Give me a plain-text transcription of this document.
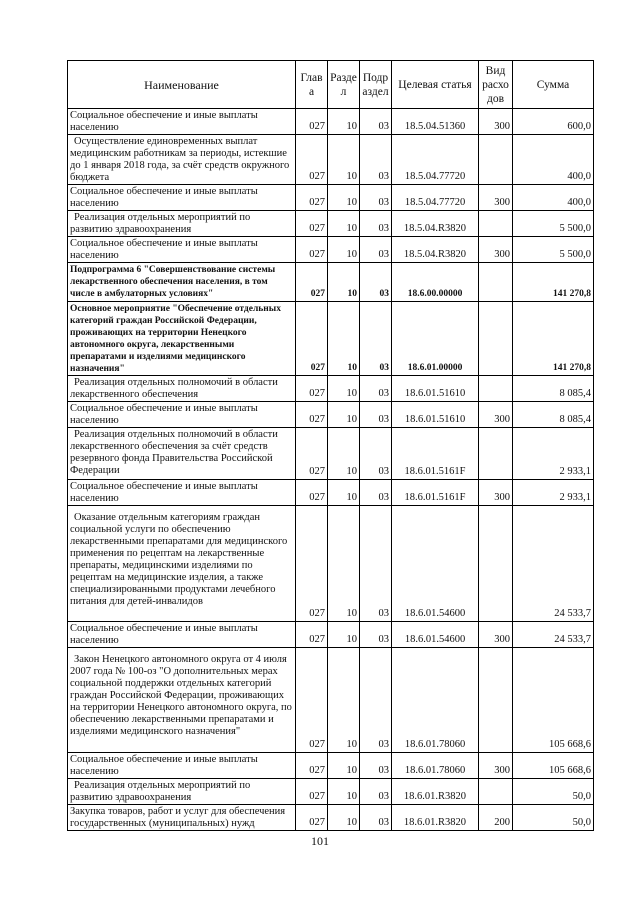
Наименование	Глав а	Разде л	Подр аздел	Целевая статья	Вид расхо дов	Сумма
Социальное обеспечение и иные выплаты населению	027	10	03	18.5.04.51360	300	600,0
Осуществление единовременных выплат медицинским работникам за периоды, истекшие до 1 января 2018 года, за счёт средств окружного бюджета	027	10	03	18.5.04.77720		400,0
Социальное обеспечение и иные выплаты населению	027	10	03	18.5.04.77720	300	400,0
Реализация отдельных мероприятий по развитию здравоохранения	027	10	03	18.5.04.R3820		5 500,0
Социальное обеспечение и иные выплаты населению	027	10	03	18.5.04.R3820	300	5 500,0
Подпрограмма 6 "Совершенствование системы лекарственного обеспечения населения, в том числе в амбулаторных условиях"	027	10	03	18.6.00.00000		141 270,8
Основное мероприятие "Обеспечение отдельных категорий граждан Российской Федерации, проживающих на территории Ненецкого автономного округа, лекарственными препаратами и изделиями медицинского назначения"	027	10	03	18.6.01.00000		141 270,8
Реализация отдельных полномочий в области лекарственного обеспечения	027	10	03	18.6.01.51610		8 085,4
Социальное обеспечение и иные выплаты населению	027	10	03	18.6.01.51610	300	8 085,4
Реализация отдельных полномочий в области лекарственного обеспечения за счёт средств резервного фонда Правительства Российской Федерации	027	10	03	18.6.01.5161F		2 933,1
Социальное обеспечение и иные выплаты населению	027	10	03	18.6.01.5161F	300	2 933,1
Оказание отдельным категориям граждан социальной услуги по обеспечению лекарственными препаратами для медицинского применения по рецептам на лекарственные препараты, медицинскими изделиями по рецептам на медицинские изделия, а также специализированными продуктами лечебного питания для детей-инвалидов	027	10	03	18.6.01.54600		24 533,7
Социальное обеспечение и иные выплаты населению	027	10	03	18.6.01.54600	300	24 533,7
Закон Ненецкого автономного округа от 4 июля 2007 года № 100-оз "О дополнительных мерах социальной поддержки отдельных категорий граждан Российской Федерации, проживающих на территории Ненецкого автономного округа, по обеспечению лекарственными препаратами и изделиями медицинского назначения"	027	10	03	18.6.01.78060		105 668,6
Социальное обеспечение и иные выплаты населению	027	10	03	18.6.01.78060	300	105 668,6
Реализация отдельных мероприятий по развитию здравоохранения	027	10	03	18.6.01.R3820		50,0
Закупка товаров, работ и услуг для обеспечения государственных (муниципальных) нужд	027	10	03	18.6.01.R3820	200	50,0
101
